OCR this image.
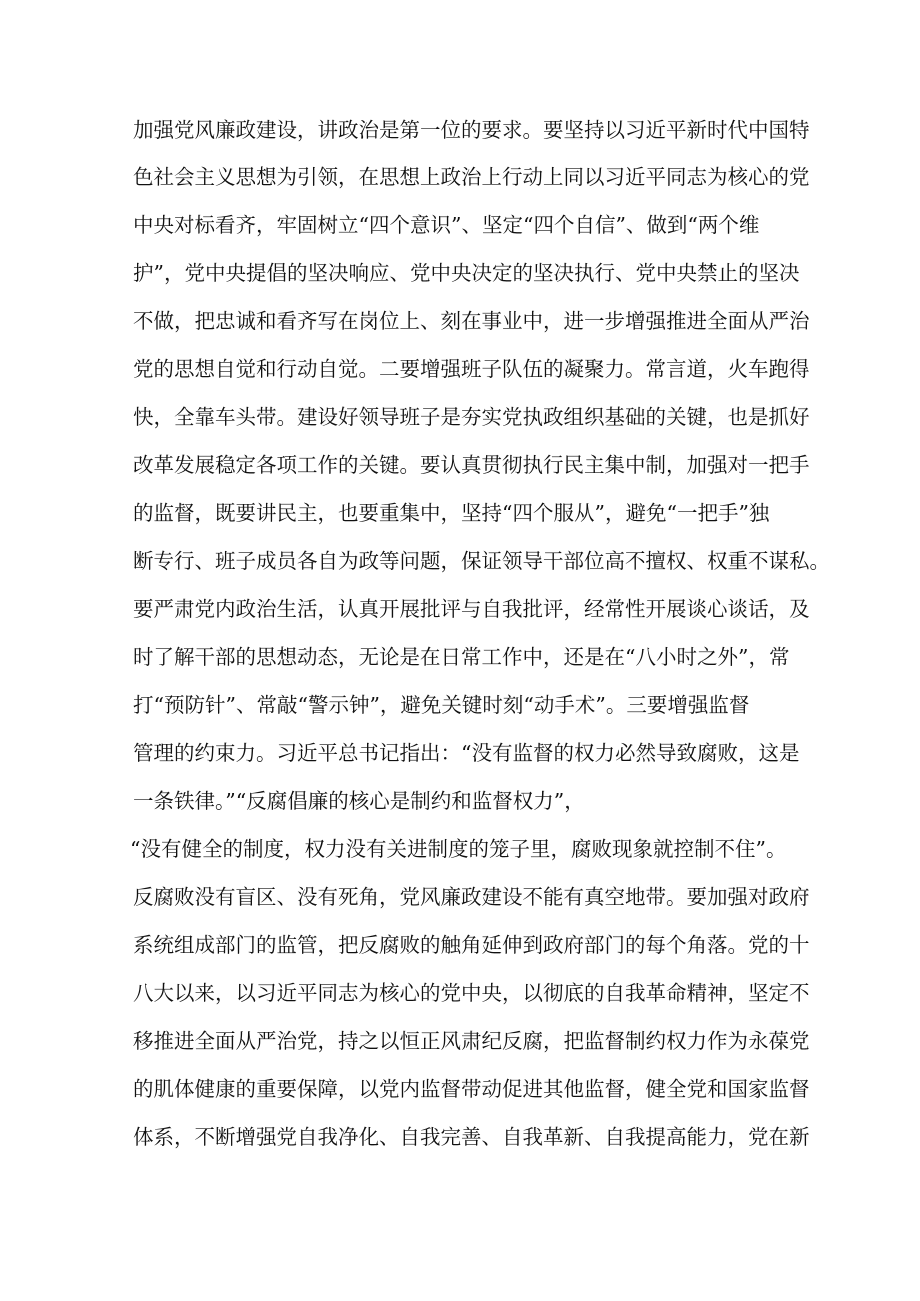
加强党风廉政建设，讲政治是第一位的要求。要坚持以习近平新时代中国特
色社会主义思想为引领，在思想上政治上行动上同以习近平同志为核心的党
中央对标看齐，牢固树立“四个意识”、坚定“四个自信”、做到“两个维
护”，党中央提倡的坚决响应、党中央决定的坚决执行、党中央禁止的坚决
不做，把忠诚和看齐写在岗位上、刻在事业中，进一步增强推进全面从严治
党的思想自觉和行动自觉。二要增强班子队伍的凝聚力。常言道，火车跑得
快，全靠车头带。建设好领导班子是夯实党执政组织基础的关键，也是抓好
改革发展稳定各项工作的关键。要认真贯彻执行民主集中制，加强对一把手
的监督，既要讲民主，也要重集中，坚持“四个服从”，避免“一把手”独
断专行、班子成员各自为政等问题，保证领导干部位高不擅权、权重不谋私。
要严肃党内政治生活，认真开展批评与自我批评，经常性开展谈心谈话，及
时了解干部的思想动态，无论是在日常工作中，还是在“八小时之外”，常
打“预防针”、常敲“警示钟”，避免关键时刻“动手术”。三要增强监督
管理的约束力。习近平总书记指出：“没有监督的权力必然导致腐败，这是
一条铁律。”“反腐倡廉的核心是制约和监督权力”，
“没有健全的制度，权力没有关进制度的笼子里，腐败现象就控制不住”。
反腐败没有盲区、没有死角，党风廉政建设不能有真空地带。要加强对政府
系统组成部门的监管，把反腐败的触角延伸到政府部门的每个角落。党的十
八大以来，以习近平同志为核心的党中央，以彻底的自我革命精神，坚定不
移推进全面从严治党，持之以恒正风肃纪反腐，把监督制约权力作为永葆党
的肌体健康的重要保障，以党内监督带动促进其他监督，健全党和国家监督
体系，不断增强党自我净化、自我完善、自我革新、自我提高能力，党在新
